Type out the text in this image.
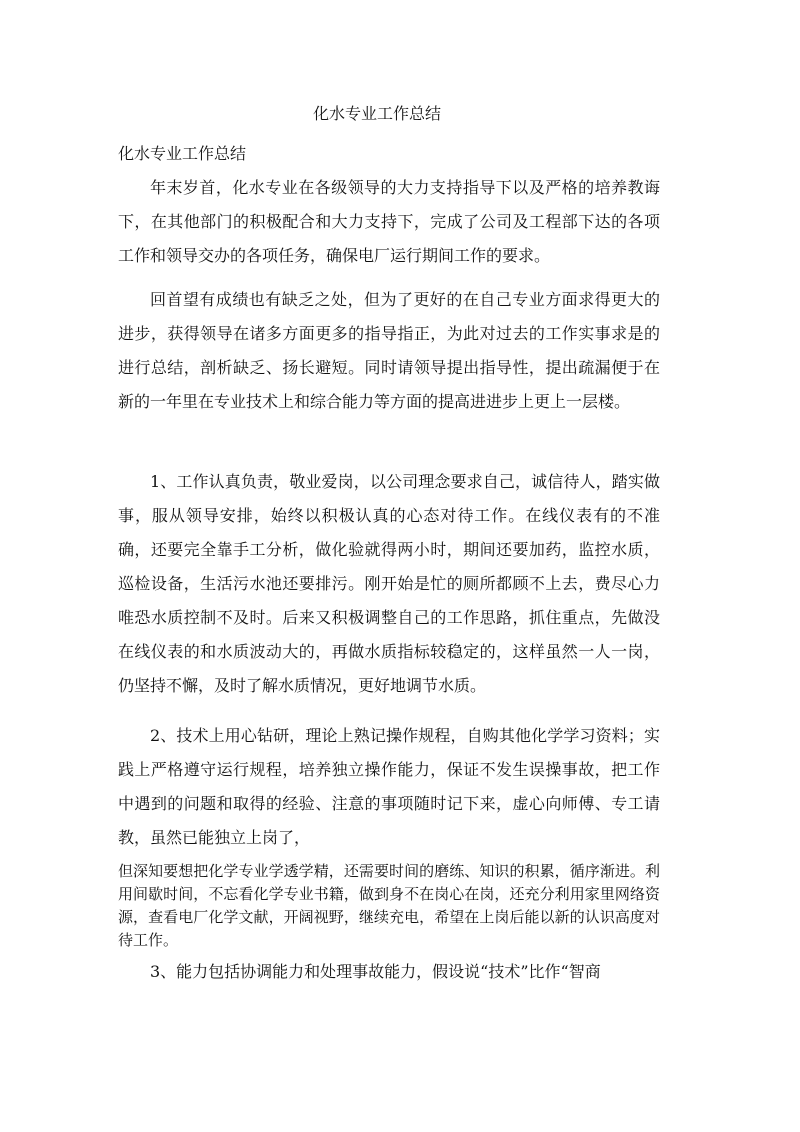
化水专业工作总结
化水专业工作总结

年末岁首，化水专业在各级领导的大力支持指导下以及严格的培养教诲下，在其他部门的积极配合和大力支持下，完成了公司及工程部下达的各项工作和领导交办的各项任务，确保电厂运行期间工作的要求。

回首望有成绩也有缺乏之处，但为了更好的在自己专业方面求得更大的进步，获得领导在诸多方面更多的指导指正，为此对过去的工作实事求是的进行总结，剖析缺乏、扬长避短。同时请领导提出指导性，提出疏漏便于在新的一年里在专业技术上和综合能力等方面的提高进进步上更上一层楼。

1、工作认真负责，敬业爱岗，以公司理念要求自己，诚信待人，踏实做事，服从领导安排，始终以积极认真的心态对待工作。在线仪表有的不准确，还要完全靠手工分析，做化验就得两小时，期间还要加药，监控水质，巡检设备，生活污水池还要排污。刚开始是忙的厕所都顾不上去，费尽心力唯恐水质控制不及时。后来又积极调整自己的工作思路，抓住重点，先做没在线仪表的和水质波动大的，再做水质指标较稳定的，这样虽然一人一岗，仍坚持不懈，及时了解水质情况，更好地调节水质。

2、技术上用心钻研，理论上熟记操作规程，自购其他化学学习资料；实践上严格遵守运行规程，培养独立操作能力，保证不发生误操事故，把工作中遇到的问题和取得的经验、注意的事项随时记下来，虚心向师傅、专工请教，虽然已能独立上岗了，

但深知要想把化学专业学透学精，还需要时间的磨练、知识的积累，循序渐进。利用间歇时间，不忘看化学专业书籍，做到身不在岗心在岗，还充分利用家里网络资源，查看电厂化学文献，开阔视野，继续充电，希望在上岗后能以新的认识高度对待工作。

3、能力包括协调能力和处理事故能力，假设说“技术”比作“智商
